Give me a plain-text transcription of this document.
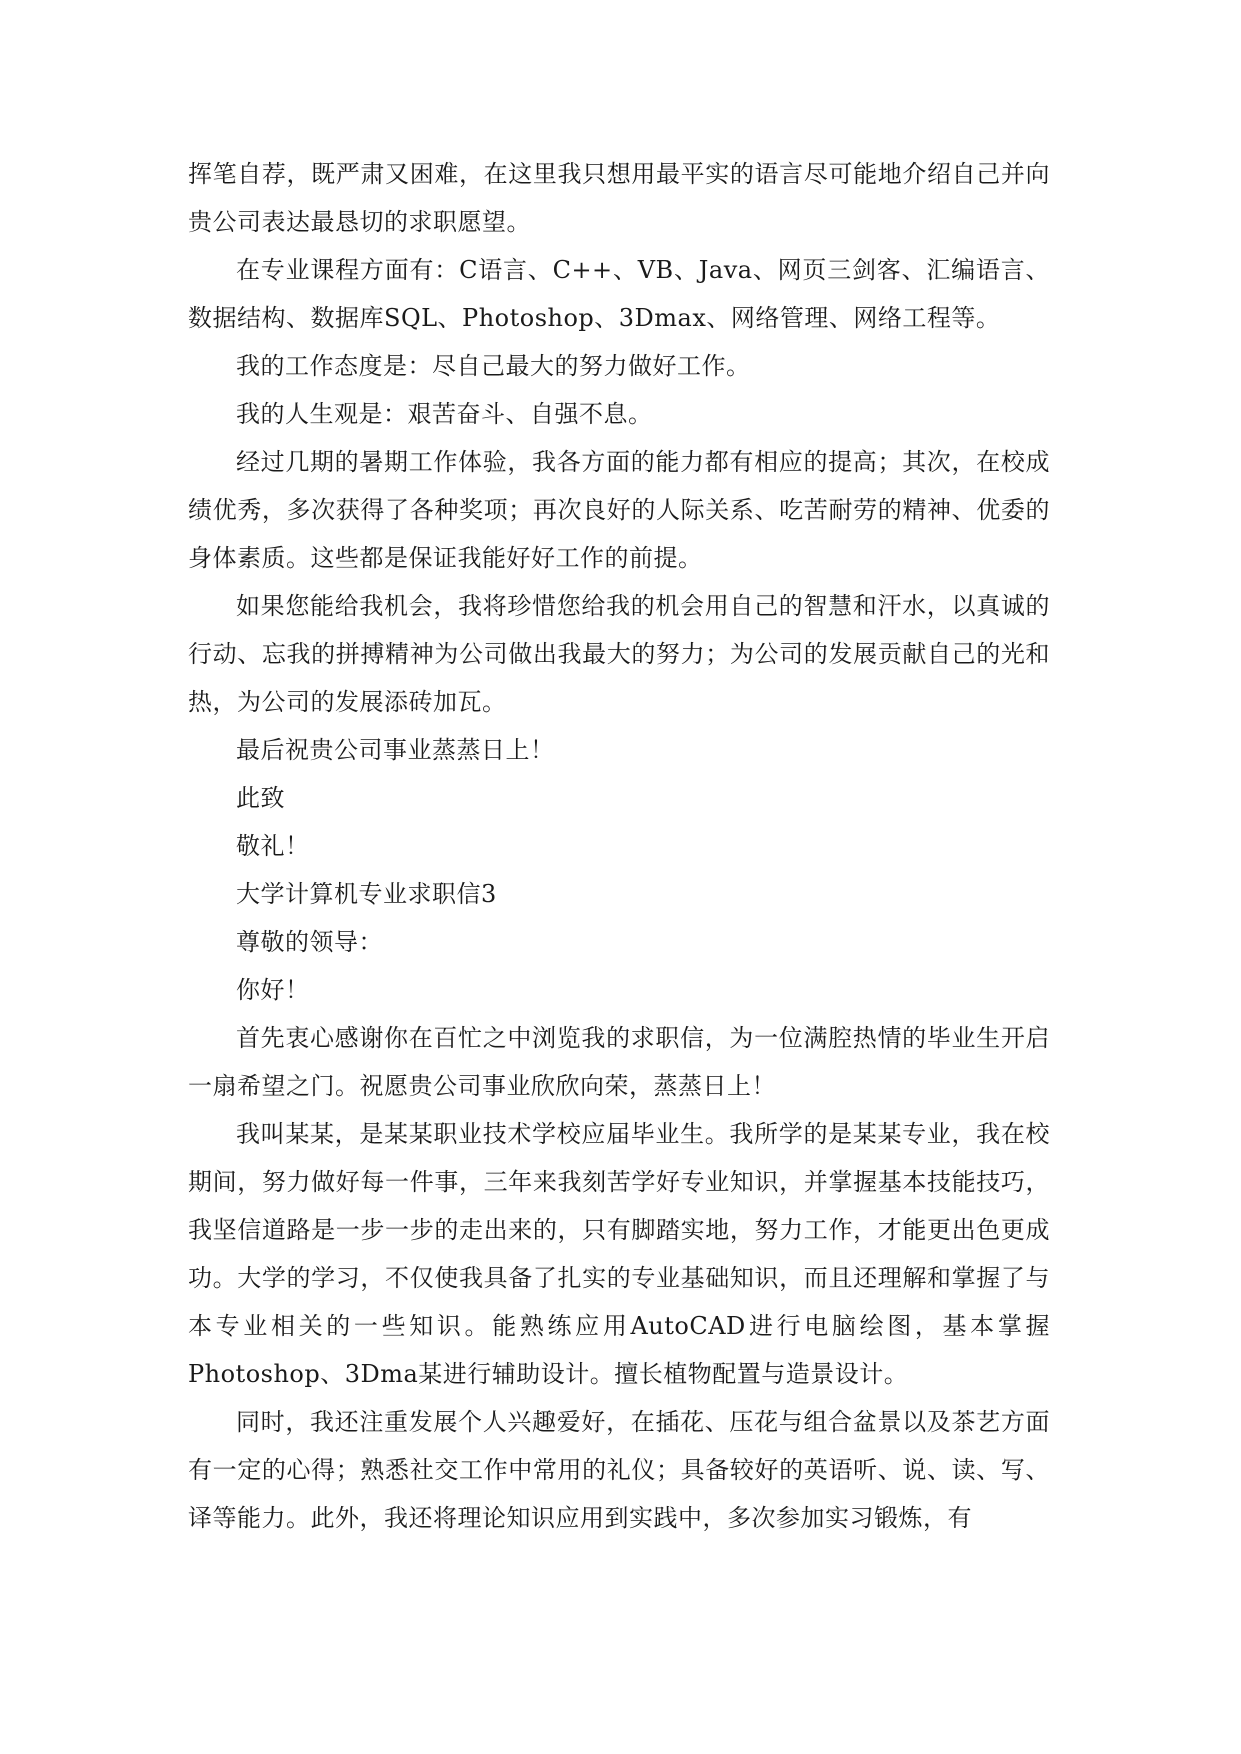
挥笔自荐，既严肃又困难，在这里我只想用最平实的语言尽可能地介绍自己并向贵公司表达最恳切的求职愿望。

在专业课程方面有：C语言、C++、VB、Java、网页三剑客、汇编语言、数据结构、数据库SQL、Photoshop、3Dmax、网络管理、网络工程等。

我的工作态度是：尽自己最大的努力做好工作。

我的人生观是：艰苦奋斗、自强不息。

经过几期的暑期工作体验，我各方面的能力都有相应的提高；其次，在校成绩优秀，多次获得了各种奖项；再次良好的人际关系、吃苦耐劳的精神、优委的身体素质。这些都是保证我能好好工作的前提。

如果您能给我机会，我将珍惜您给我的机会用自己的智慧和汗水，以真诚的行动、忘我的拼搏精神为公司做出我最大的努力；为公司的发展贡献自己的光和热，为公司的发展添砖加瓦。

最后祝贵公司事业蒸蒸日上！

此致

敬礼！

大学计算机专业求职信3

尊敬的领导：

你好！

首先衷心感谢你在百忙之中浏览我的求职信，为一位满腔热情的毕业生开启一扇希望之门。祝愿贵公司事业欣欣向荣，蒸蒸日上！

我叫某某，是某某职业技术学校应届毕业生。我所学的是某某专业，我在校期间，努力做好每一件事，三年来我刻苦学好专业知识，并掌握基本技能技巧，我坚信道路是一步一步的走出来的，只有脚踏实地，努力工作，才能更出色更成功。大学的学习，不仅使我具备了扎实的专业基础知识，而且还理解和掌握了与本专业相关的一些知识。能熟练应用AutoCAD进行电脑绘图，基本掌握Photoshop、3Dma某进行辅助设计。擅长植物配置与造景设计。

同时，我还注重发展个人兴趣爱好，在插花、压花与组合盆景以及茶艺方面有一定的心得；熟悉社交工作中常用的礼仪；具备较好的英语听、说、读、写、译等能力。此外，我还将理论知识应用到实践中，多次参加实习锻炼，有
